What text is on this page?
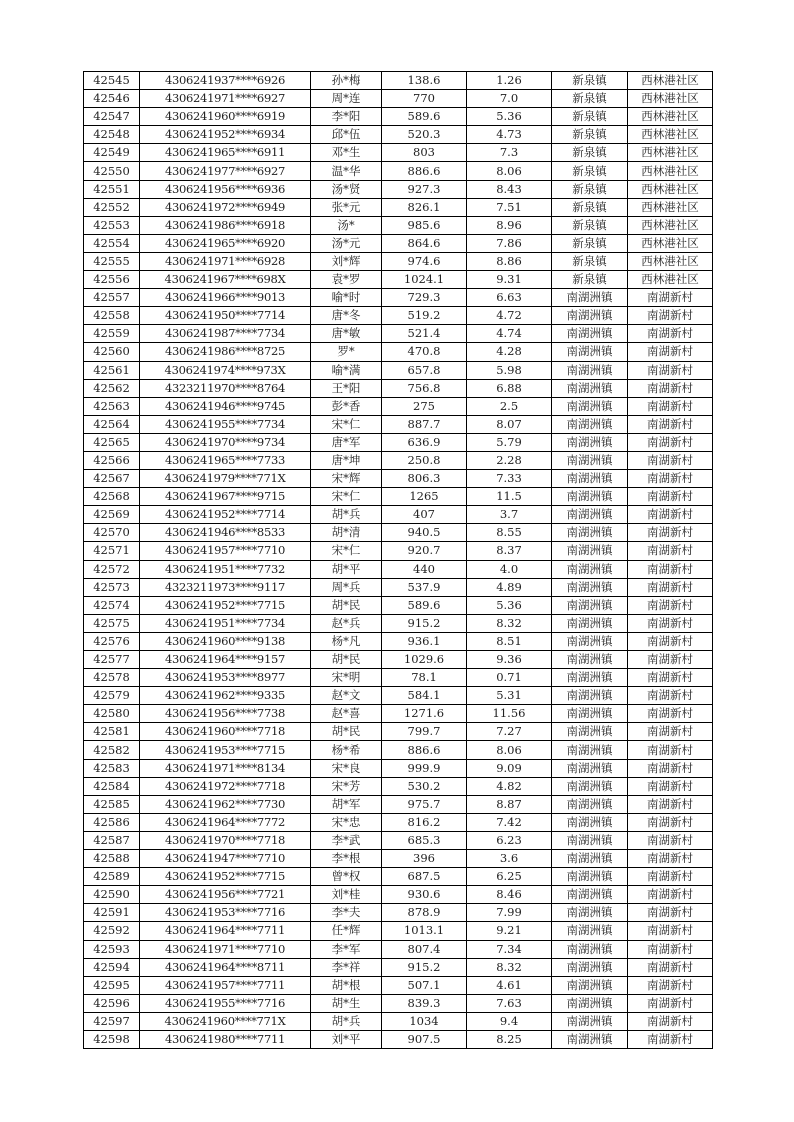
42545	4306241937****6926	孙*梅	138.6	1.26	新泉镇	西林港社区
42546	4306241971****6927	周*连	770	7.0	新泉镇	西林港社区
42547	4306241960****6919	李*阳	589.6	5.36	新泉镇	西林港社区
42548	4306241952****6934	邱*伍	520.3	4.73	新泉镇	西林港社区
42549	4306241965****6911	邓*生	803	7.3	新泉镇	西林港社区
42550	4306241977****6927	温*华	886.6	8.06	新泉镇	西林港社区
42551	4306241956****6936	汤*贤	927.3	8.43	新泉镇	西林港社区
42552	4306241972****6949	张*元	826.1	7.51	新泉镇	西林港社区
42553	4306241986****6918	汤*	985.6	8.96	新泉镇	西林港社区
42554	4306241965****6920	汤*元	864.6	7.86	新泉镇	西林港社区
42555	4306241971****6928	刘*辉	974.6	8.86	新泉镇	西林港社区
42556	4306241967****698X	袁*罗	1024.1	9.31	新泉镇	西林港社区
42557	4306241966****9013	喻*时	729.3	6.63	南湖洲镇	南湖新村
42558	4306241950****7714	唐*冬	519.2	4.72	南湖洲镇	南湖新村
42559	4306241987****7734	唐*敏	521.4	4.74	南湖洲镇	南湖新村
42560	4306241986****8725	罗*	470.8	4.28	南湖洲镇	南湖新村
42561	4306241974****973X	喻*满	657.8	5.98	南湖洲镇	南湖新村
42562	4323211970****8764	王*阳	756.8	6.88	南湖洲镇	南湖新村
42563	4306241946****9745	彭*香	275	2.5	南湖洲镇	南湖新村
42564	4306241955****7734	宋*仁	887.7	8.07	南湖洲镇	南湖新村
42565	4306241970****9734	唐*军	636.9	5.79	南湖洲镇	南湖新村
42566	4306241965****7733	唐*坤	250.8	2.28	南湖洲镇	南湖新村
42567	4306241979****771X	宋*辉	806.3	7.33	南湖洲镇	南湖新村
42568	4306241967****9715	宋*仁	1265	11.5	南湖洲镇	南湖新村
42569	4306241952****7714	胡*兵	407	3.7	南湖洲镇	南湖新村
42570	4306241946****8533	胡*清	940.5	8.55	南湖洲镇	南湖新村
42571	4306241957****7710	宋*仁	920.7	8.37	南湖洲镇	南湖新村
42572	4306241951****7732	胡*平	440	4.0	南湖洲镇	南湖新村
42573	4323211973****9117	周*兵	537.9	4.89	南湖洲镇	南湖新村
42574	4306241952****7715	胡*民	589.6	5.36	南湖洲镇	南湖新村
42575	4306241951****7734	赵*兵	915.2	8.32	南湖洲镇	南湖新村
42576	4306241960****9138	杨*凡	936.1	8.51	南湖洲镇	南湖新村
42577	4306241964****9157	胡*民	1029.6	9.36	南湖洲镇	南湖新村
42578	4306241953****8977	宋*明	78.1	0.71	南湖洲镇	南湖新村
42579	4306241962****9335	赵*文	584.1	5.31	南湖洲镇	南湖新村
42580	4306241956****7738	赵*喜	1271.6	11.56	南湖洲镇	南湖新村
42581	4306241960****7718	胡*民	799.7	7.27	南湖洲镇	南湖新村
42582	4306241953****7715	杨*希	886.6	8.06	南湖洲镇	南湖新村
42583	4306241971****8134	宋*良	999.9	9.09	南湖洲镇	南湖新村
42584	4306241972****7718	宋*芳	530.2	4.82	南湖洲镇	南湖新村
42585	4306241962****7730	胡*军	975.7	8.87	南湖洲镇	南湖新村
42586	4306241964****7772	宋*忠	816.2	7.42	南湖洲镇	南湖新村
42587	4306241970****7718	李*武	685.3	6.23	南湖洲镇	南湖新村
42588	4306241947****7710	李*根	396	3.6	南湖洲镇	南湖新村
42589	4306241952****7715	曾*权	687.5	6.25	南湖洲镇	南湖新村
42590	4306241956****7721	刘*桂	930.6	8.46	南湖洲镇	南湖新村
42591	4306241953****7716	李*夫	878.9	7.99	南湖洲镇	南湖新村
42592	4306241964****7711	任*辉	1013.1	9.21	南湖洲镇	南湖新村
42593	4306241971****7710	李*军	807.4	7.34	南湖洲镇	南湖新村
42594	4306241964****8711	李*祥	915.2	8.32	南湖洲镇	南湖新村
42595	4306241957****7711	胡*根	507.1	4.61	南湖洲镇	南湖新村
42596	4306241955****7716	胡*生	839.3	7.63	南湖洲镇	南湖新村
42597	4306241960****771X	胡*兵	1034	9.4	南湖洲镇	南湖新村
42598	4306241980****7711	刘*平	907.5	8.25	南湖洲镇	南湖新村
